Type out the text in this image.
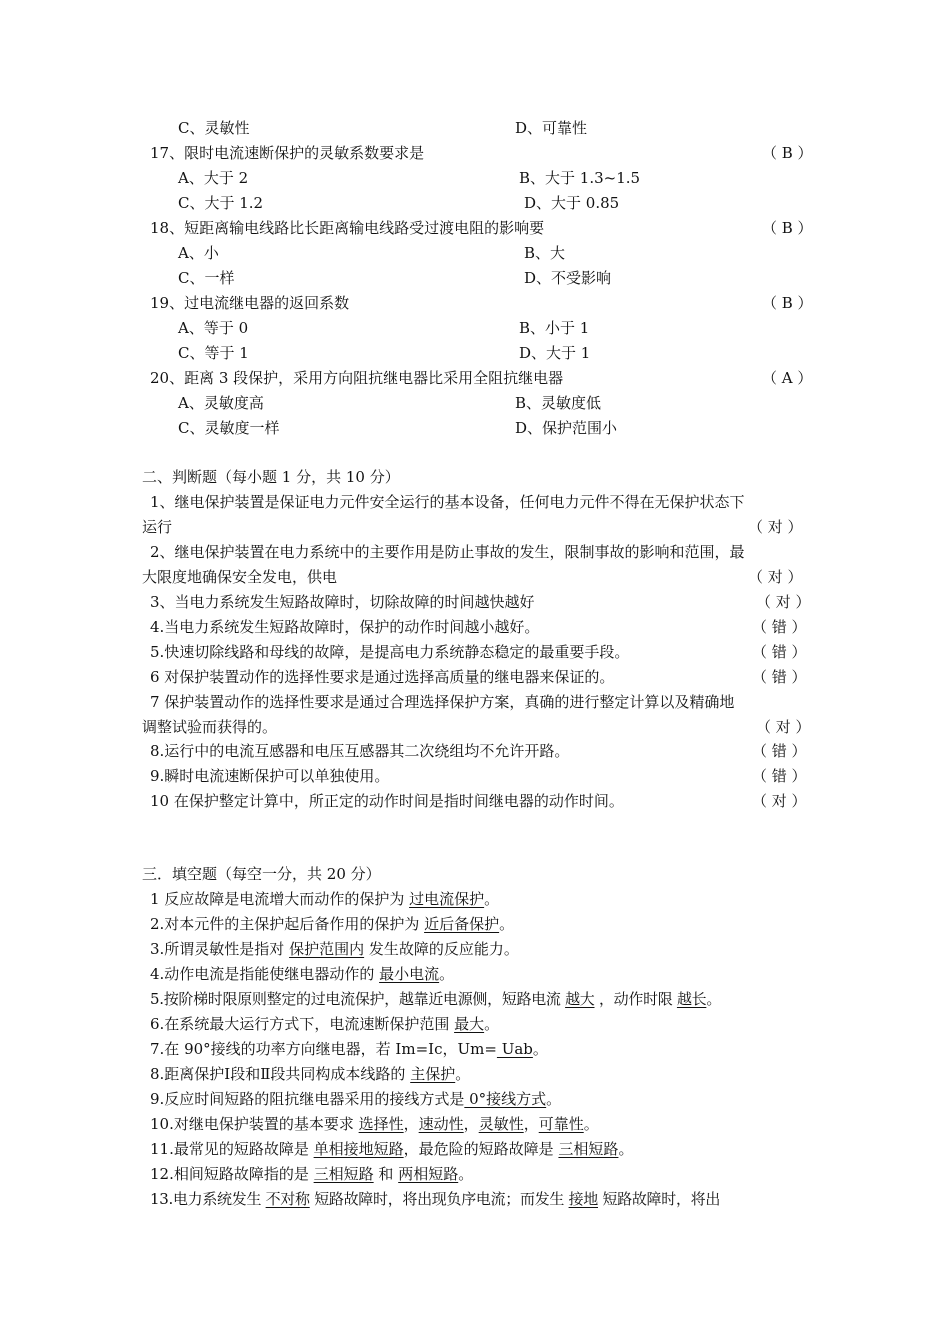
C、灵敏性	D、可靠性
17、限时电流速断保护的灵敏系数要求是	（ B ）
A、大于 2	B、大于 1.3~1.5
C、大于 1.2	D、大于 0.85
18、短距离输电线路比长距离输电线路受过渡电阻的影响要	（ B ）
A、小	B、大
C、一样	D、不受影响
19、过电流继电器的返回系数	（ B ）
A、等于 0	B、小于 1
C、等于 1	D、大于 1
20、距离 3 段保护，采用方向阻抗继电器比采用全阻抗继电器	（ A ）
A、灵敏度高	B、灵敏度低
C、灵敏度一样	D、保护范围小
二、判断题（每小题 1 分，共 10 分）
1、继电保护装置是保证电力元件安全运行的基本设备，任何电力元件不得在无保护状态下
运行	（ 对 ）
2、继电保护装置在电力系统中的主要作用是防止事故的发生，限制事故的影响和范围，最
大限度地确保安全发电，供电	（ 对 ）
3、当电力系统发生短路故障时，切除故障的时间越快越好	（ 对 ）
4.当电力系统发生短路故障时，保护的动作时间越小越好。	（ 错 ）
5.快速切除线路和母线的故障，是提高电力系统静态稳定的最重要手段。	（ 错 ）
6 对保护装置动作的选择性要求是通过选择高质量的继电器来保证的。	（ 错 ）
7 保护装置动作的选择性要求是通过合理选择保护方案，真确的进行整定计算以及精确地
调整试验而获得的。	（ 对 ）
8.运行中的电流互感器和电压互感器其二次绕组均不允许开路。	（ 错 ）
9.瞬时电流速断保护可以单独使用。	（ 错 ）
10 在保护整定计算中，所正定的动作时间是指时间继电器的动作时间。	（ 对 ）
三．填空题（每空一分，共 20 分）
1 反应故障是电流增大而动作的保护为 过电流保护。
2.对本元件的主保护起后备作用的保护为 近后备保护。
3.所谓灵敏性是指对 保护范围内 发生故障的反应能力。
4.动作电流是指能使继电器动作的 最小电流。
5.按阶梯时限原则整定的过电流保护，越靠近电源侧，短路电流 越大 ，动作时限 越长。
6.在系统最大运行方式下，电流速断保护范围 最大。
7.在 90°接线的功率方向继电器，若 Im=Ic，Um= Uab。
8.距离保护Ⅰ段和Ⅱ段共同构成本线路的 主保护。
9.反应时间短路的阻抗继电器采用的接线方式是 0°接线方式。
10.对继电保护装置的基本要求 选择性，速动性，灵敏性，可靠性。
11.最常见的短路故障是 单相接地短路，最危险的短路故障是 三相短路。
12.相间短路故障指的是 三相短路 和 两相短路。
13.电力系统发生 不对称 短路故障时，将出现负序电流；而发生 接地 短路故障时，将出
